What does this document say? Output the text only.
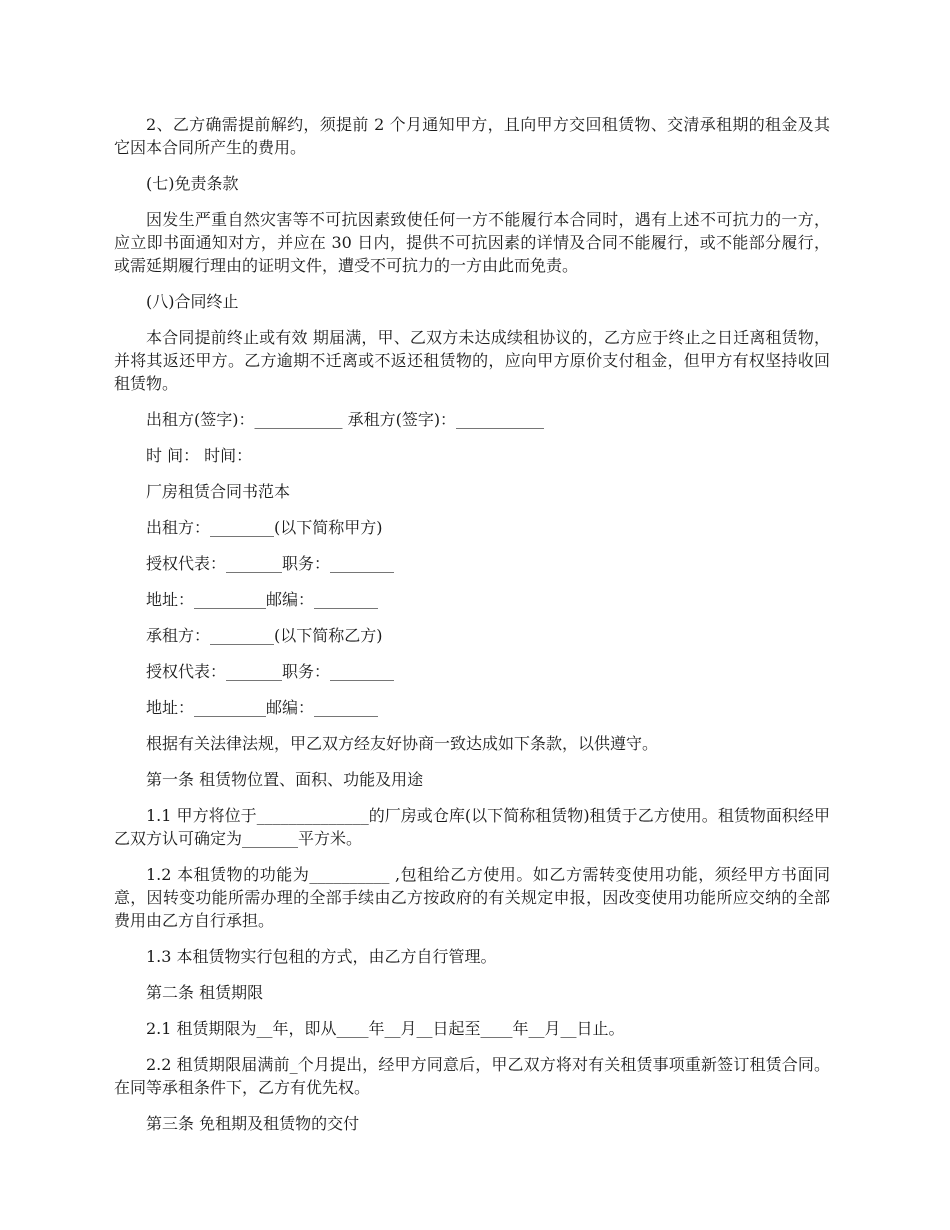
2、乙方确需提前解约，须提前 2 个月通知甲方，且向甲方交回租赁物、交清承租期的租金及其它因本合同所产生的费用。

(七)免责条款

因发生严重自然灾害等不可抗因素致使任何一方不能履行本合同时，遇有上述不可抗力的一方，应立即书面通知对方，并应在 30 日内，提供不可抗因素的详情及合同不能履行，或不能部分履行，或需延期履行理由的证明文件，遭受不可抗力的一方由此而免责。

(八)合同终止

本合同提前终止或有效 期届满，甲、乙双方未达成续租协议的，乙方应于终止之日迁离租赁物，并将其返还甲方。乙方逾期不迁离或不返还租赁物的，应向甲方原价支付租金，但甲方有权坚持收回租赁物。

出租方(签字)：___________ 承租方(签字)：___________

时 间： 时间：

厂房租赁合同书范本

出租方：________(以下简称甲方)

授权代表：_______职务：________

地址：_________邮编：________

承租方：________(以下简称乙方)

授权代表：_______职务：________

地址：_________邮编：________

根据有关法律法规，甲乙双方经友好协商一致达成如下条款，以供遵守。

第一条 租赁物位置、面积、功能及用途

1.1 甲方将位于______________的厂房或仓库(以下简称租赁物)租赁于乙方使用。租赁物面积经甲乙双方认可确定为_______平方米。

1.2 本租赁物的功能为__________ ,包租给乙方使用。如乙方需转变使用功能，须经甲方书面同意，因转变功能所需办理的全部手续由乙方按政府的有关规定申报，因改变使用功能所应交纳的全部费用由乙方自行承担。

1.3 本租赁物实行包租的方式，由乙方自行管理。

第二条 租赁期限

2.1 租赁期限为__年，即从____年__月__日起至____年__月__日止。

2.2 租赁期限届满前_个月提出，经甲方同意后，甲乙双方将对有关租赁事项重新签订租赁合同。在同等承租条件下，乙方有优先权。

第三条 免租期及租赁物的交付
